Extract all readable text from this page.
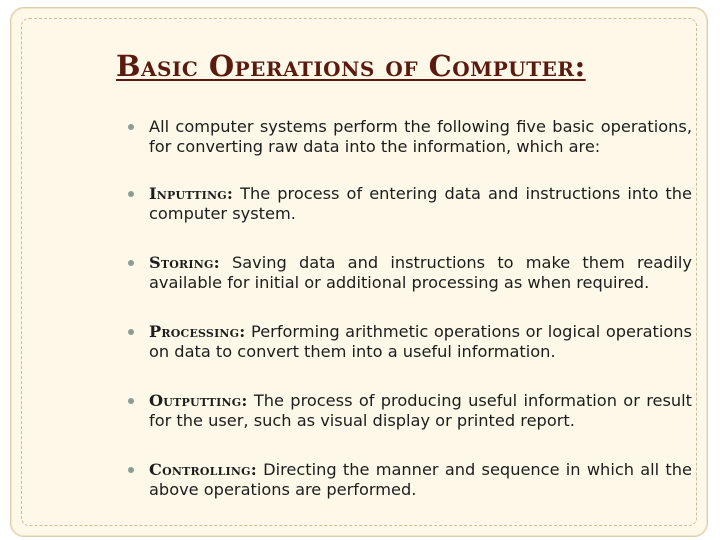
Basic Operations of Computer:
All computer systems perform the following five basic operations, for converting raw data into the information, which are:
Inputting: The process of entering data and instructions into the computer system.
Storing: Saving data and instructions to make them readily available for initial or additional processing as when required.
Processing: Performing arithmetic operations or logical operations on data to convert them into a useful information.
Outputting: The process of producing useful information or result for the user, such as visual display or printed report.
Controlling: Directing the manner and sequence in which all the above operations are performed.
